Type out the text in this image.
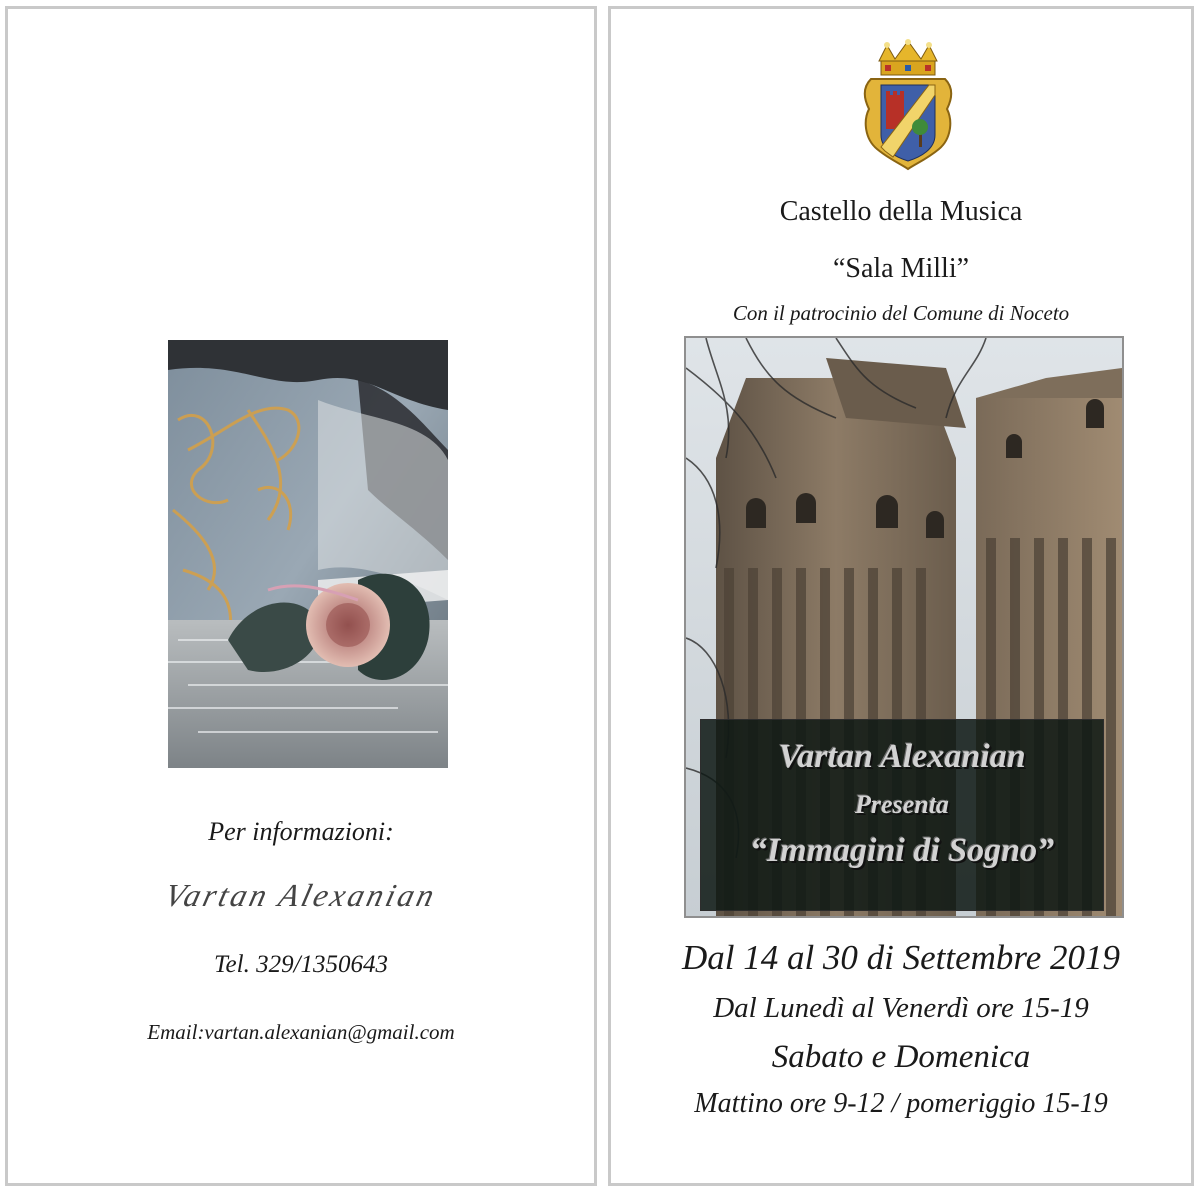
Per informazioni:
Vartan Alexanian
Tel. 329/1350643
Email:vartan.alexanian@gmail.com
Castello della Musica
“Sala Milli”
Con il patrocinio del Comune di Noceto
Vartan Alexanian
Presenta
“Immagini di Sogno”
Dal 14 al 30 di Settembre 2019
Dal Lunedì al Venerdì ore 15-19
Sabato e Domenica
Mattino ore 9-12 / pomeriggio 15-19
